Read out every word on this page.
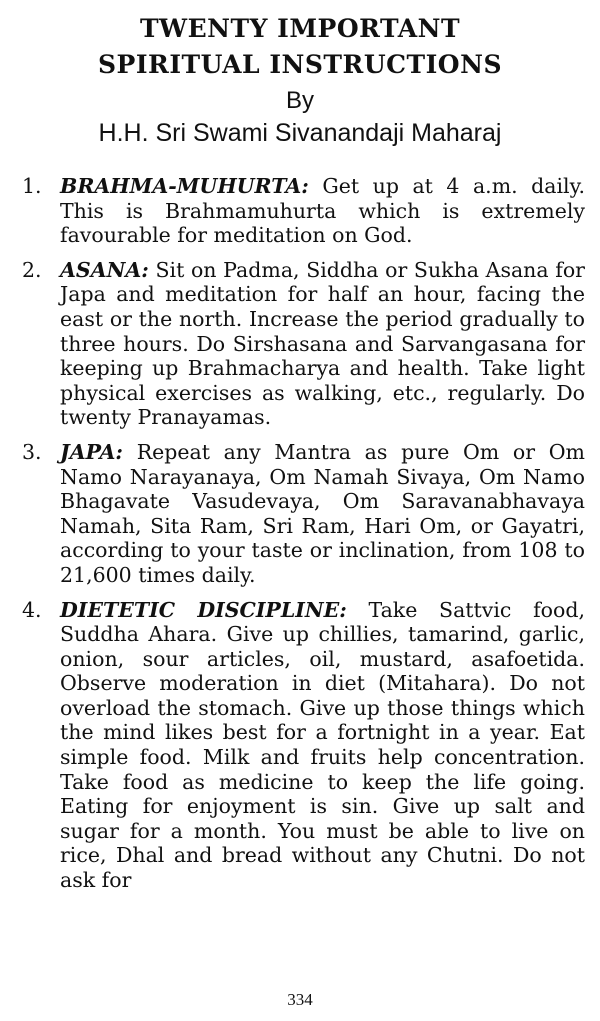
TWENTY IMPORTANT
SPIRITUAL INSTRUCTIONS
By
H.H. Sri Swami Sivanandaji Maharaj
1. BRAHMA-MUHURTA: Get up at 4 a.m. daily. This is Brahmamuhurta which is extremely favourable for meditation on God.
2. ASANA: Sit on Padma, Siddha or Sukha Asana for Japa and meditation for half an hour, facing the east or the north. Increase the period gradually to three hours. Do Sirshasana and Sarvangasana for keeping up Brahmacharya and health. Take light physical exercises as walking, etc., regularly. Do twenty Pranayamas.
3. JAPA: Repeat any Mantra as pure Om or Om Namo Narayanaya, Om Namah Sivaya, Om Namo Bhagavate Vasudevaya, Om Saravanabhavaya Namah, Sita Ram, Sri Ram, Hari Om, or Gayatri, according to your taste or inclination, from 108 to 21,600 times daily.
4. DIETETIC DISCIPLINE: Take Sattvic food, Suddha Ahara. Give up chillies, tamarind, garlic, onion, sour articles, oil, mustard, asafoetida. Observe moderation in diet (Mitahara). Do not overload the stomach. Give up those things which the mind likes best for a fortnight in a year. Eat simple food. Milk and fruits help concentration. Take food as medicine to keep the life going. Eating for enjoyment is sin. Give up salt and sugar for a month. You must be able to live on rice, Dhal and bread without any Chutni. Do not ask for
334
